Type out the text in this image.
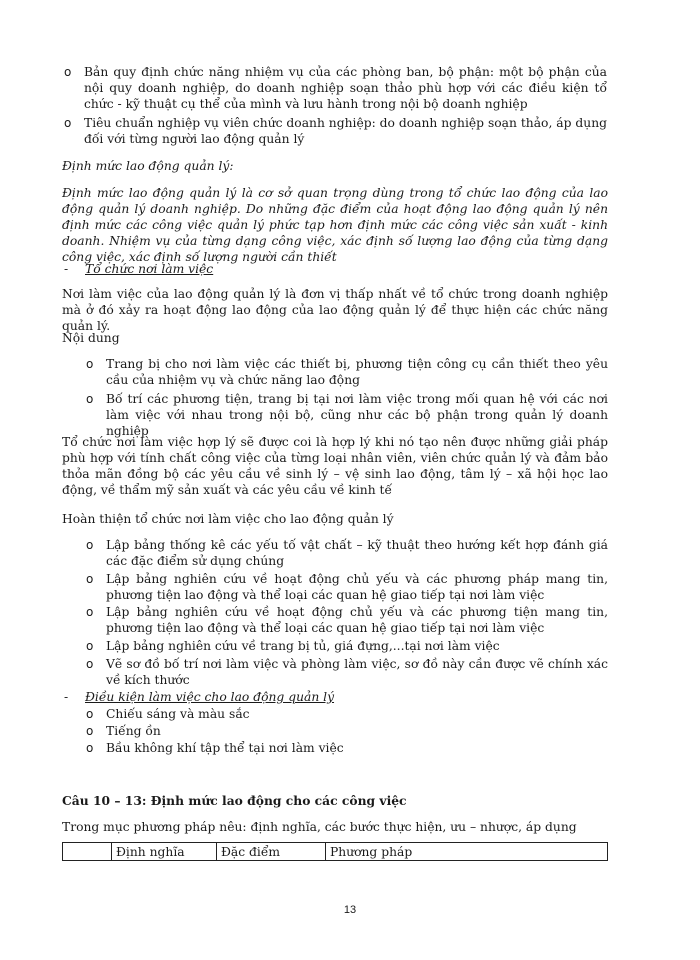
o Bản quy định chức năng nhiệm vụ của các phòng ban, bộ phận: một bộ phận của nội quy doanh nghiệp, do doanh nghiệp soạn thảo phù hợp với các điều kiện tổ chức - kỹ thuật cụ thể của mình và lưu hành trong nội bộ doanh nghiệp
o Tiêu chuẩn nghiệp vụ viên chức doanh nghiệp: do doanh nghiệp soạn thảo, áp dụng đối với từng người lao động quản lý
Định mức lao động quản lý:
Định mức lao động quản lý là cơ sở quan trọng dùng trong tổ chức lao động của lao động quản lý doanh nghiệp. Do những đặc điểm của hoạt động lao động quản lý nên định mức các công việc quản lý phức tạp hơn định mức các công việc sản xuất - kinh doanh. Nhiệm vụ của từng dạng công việc, xác định số lượng lao động của từng dạng công việc, xác định số lượng người cần thiết
- Tổ chức nơi làm việc
Nơi làm việc của lao động quản lý là đơn vị thấp nhất về tổ chức trong doanh nghiệp mà ở đó xảy ra hoạt động lao động của lao động quản lý để thực hiện các chức năng quản lý.
Nội dung
o Trang bị cho nơi làm việc các thiết bị, phương tiện công cụ cần thiết theo yêu cầu của nhiệm vụ và chức năng lao động
o Bố trí các phương tiện, trang bị tại nơi làm việc trong mối quan hệ với các nơi làm việc với nhau trong nội bộ, cũng như các bộ phận trong quản lý doanh nghiệp
Tổ chức nơi làm việc hợp lý sẽ được coi là hợp lý khi nó tạo nên được những giải pháp phù hợp với tính chất công việc của từng loại nhân viên, viên chức quản lý và đảm bảo thỏa mãn đồng bộ các yêu cầu về sinh lý – vệ sinh lao động, tâm lý – xã hội học lao động, về thẩm mỹ sản xuất và các yêu cầu về kinh tế
Hoàn thiện tổ chức nơi làm việc cho lao động quản lý
o Lập bảng thống kê các yếu tố vật chất – kỹ thuật theo hướng kết hợp đánh giá các đặc điểm sử dụng chúng
o Lập bảng nghiên cứu về hoạt động chủ yếu và các phương pháp mang tin, phương tiện lao động và thể loại các quan hệ giao tiếp tại nơi làm việc
o Lập bảng nghiên cứu về hoạt động chủ yếu và các phương tiện mang tin, phương tiện lao động và thể loại các quan hệ giao tiếp tại nơi làm việc
o Lập bảng nghiên cứu về trang bị tủ, giá đựng,...tại nơi làm việc
o Vẽ sơ đồ bố trí nơi làm việc và phòng làm việc, sơ đồ này cần được vẽ chính xác về kích thước
- Điều kiện làm việc cho lao động quản lý
o Chiếu sáng và màu sắc
o Tiếng ồn
o Bầu không khí tập thể tại nơi làm việc
Câu 10 – 13: Định mức lao động cho các công việc
Trong mục phương pháp nêu: định nghĩa, các bước thực hiện, ưu – nhược, áp dụng
	Định nghĩa	Đặc điểm	Phương pháp
13
